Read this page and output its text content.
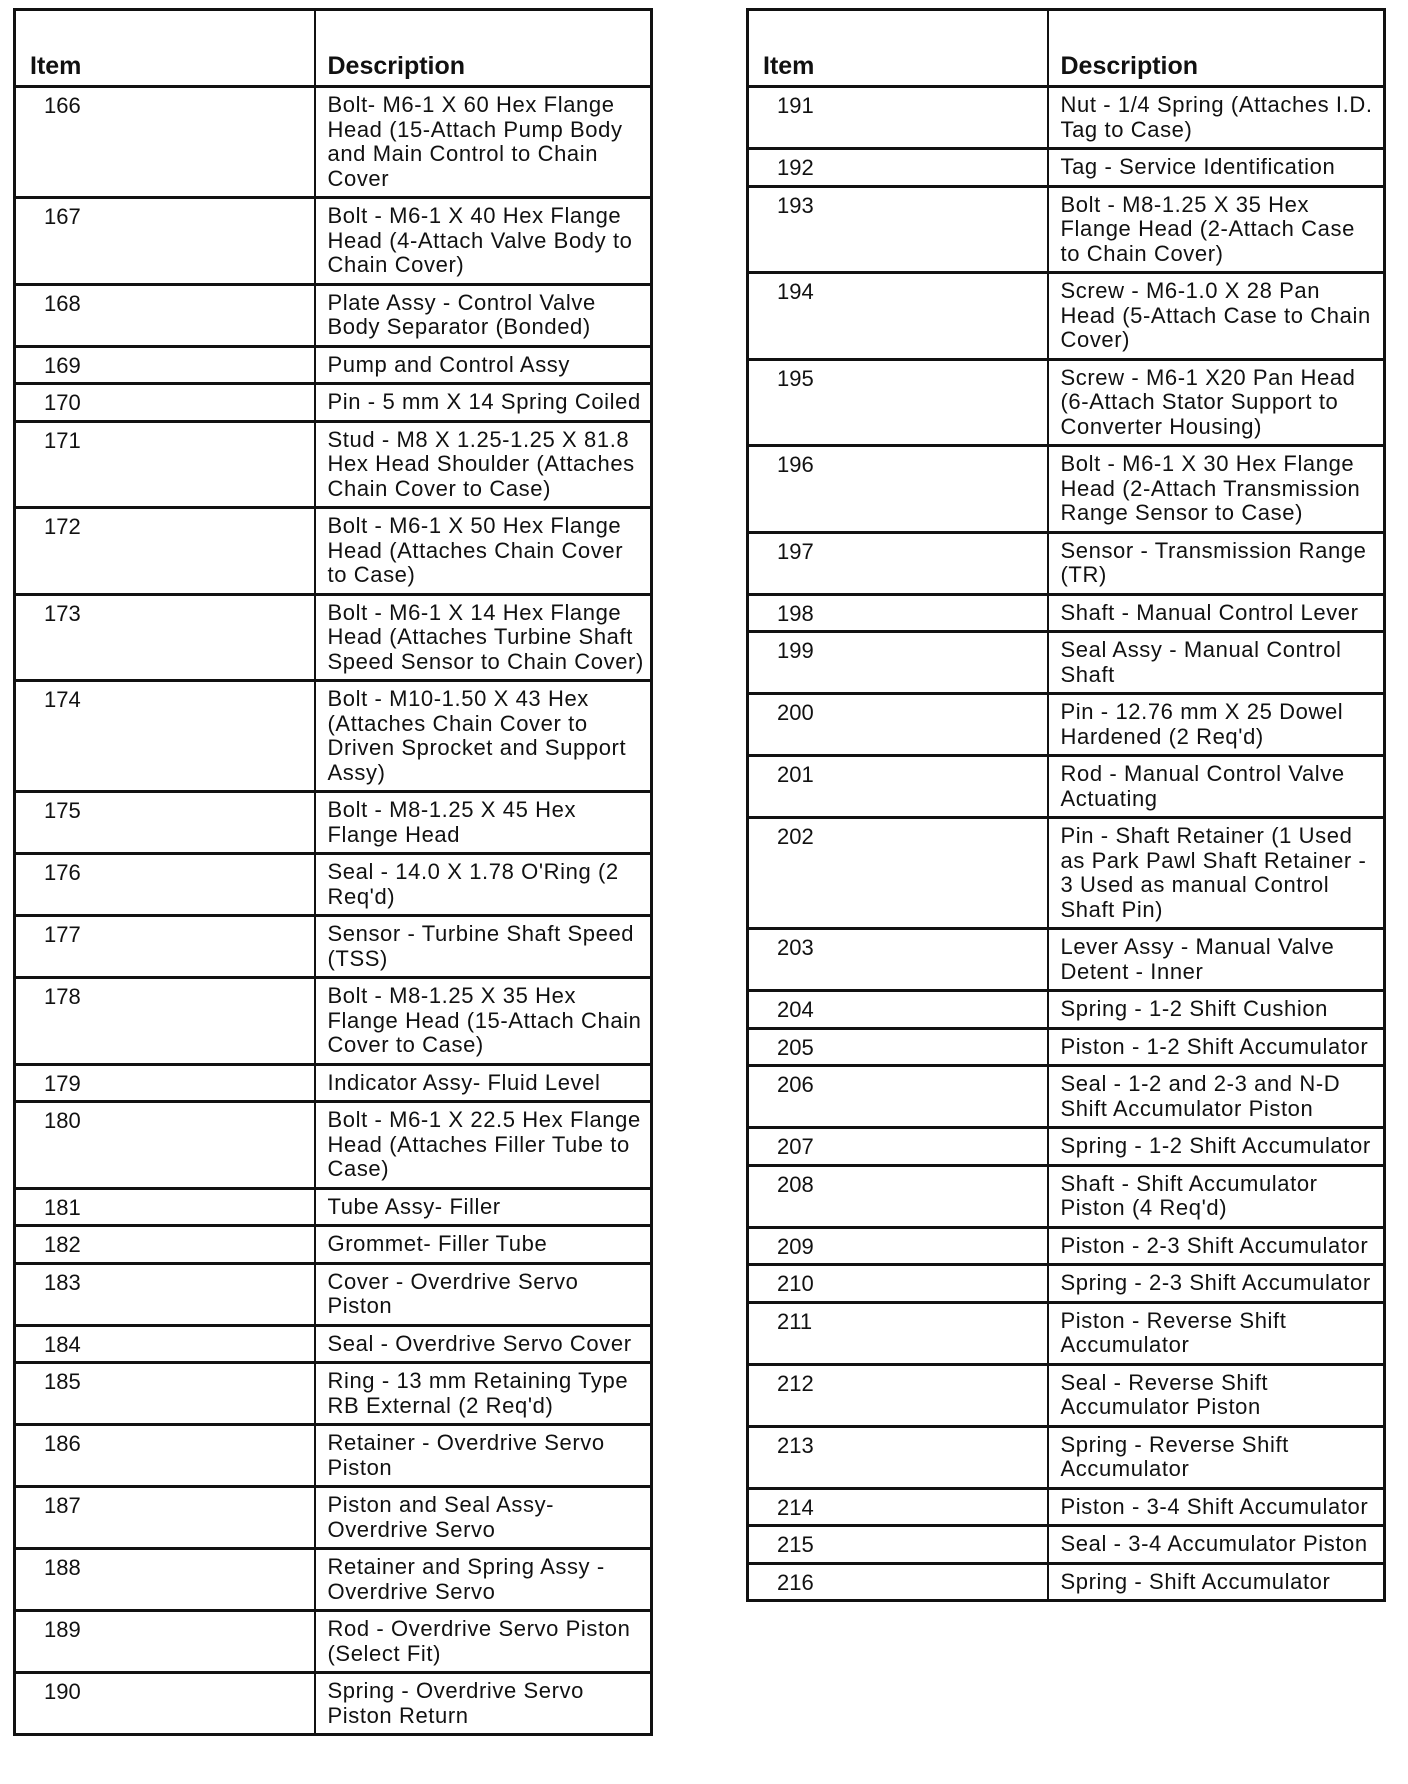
Item	Description
166	Bolt- M6-1 X 60 Hex Flange Head (15-Attach Pump Body and Main Control to Chain Cover
167	Bolt - M6-1 X 40 Hex Flange Head (4-Attach Valve Body to Chain Cover)
168	Plate Assy - Control Valve Body Separator (Bonded)
169	Pump and Control Assy
170	Pin - 5 mm X 14 Spring Coiled
171	Stud - M8 X 1.25-1.25 X 81.8 Hex Head Shoulder (Attaches Chain Cover to Case)
172	Bolt - M6-1 X 50 Hex Flange Head (Attaches Chain Cover to Case)
173	Bolt - M6-1 X 14 Hex Flange Head (Attaches Turbine Shaft Speed Sensor to Chain Cover)
174	Bolt - M10-1.50 X 43 Hex (Attaches Chain Cover to Driven Sprocket and Support Assy)
175	Bolt - M8-1.25 X 45 Hex Flange Head
176	Seal - 14.0 X 1.78 O'Ring (2 Req'd)
177	Sensor - Turbine Shaft Speed (TSS)
178	Bolt - M8-1.25 X 35 Hex Flange Head (15-Attach Chain Cover to Case)
179	Indicator Assy- Fluid Level
180	Bolt - M6-1 X 22.5 Hex Flange Head (Attaches Filler Tube to Case)
181	Tube Assy- Filler
182	Grommet- Filler Tube
183	Cover - Overdrive Servo Piston
184	Seal - Overdrive Servo Cover
185	Ring - 13 mm Retaining Type RB External (2 Req'd)
186	Retainer - Overdrive Servo Piston
187	Piston and Seal Assy- Overdrive Servo
188	Retainer and Spring Assy - Overdrive Servo
189	Rod - Overdrive Servo Piston (Select Fit)
190	Spring - Overdrive Servo Piston Return
Item	Description
191	Nut - 1/4 Spring (Attaches I.D. Tag to Case)
192	Tag - Service Identification
193	Bolt - M8-1.25 X 35 Hex Flange Head (2-Attach Case to Chain Cover)
194	Screw - M6-1.0 X 28 Pan Head (5-Attach Case to Chain Cover)
195	Screw - M6-1 X20 Pan Head (6-Attach Stator Support to Converter Housing)
196	Bolt - M6-1 X 30 Hex Flange Head (2-Attach Transmission Range Sensor to Case)
197	Sensor - Transmission Range (TR)
198	Shaft - Manual Control Lever
199	Seal Assy - Manual Control Shaft
200	Pin - 12.76 mm X 25 Dowel Hardened (2 Req'd)
201	Rod - Manual Control Valve Actuating
202	Pin - Shaft Retainer (1 Used as Park Pawl Shaft Retainer - 3 Used as manual Control Shaft Pin)
203	Lever Assy - Manual Valve Detent - Inner
204	Spring - 1-2 Shift Cushion
205	Piston - 1-2 Shift Accumulator
206	Seal - 1-2 and 2-3 and N-D Shift Accumulator Piston
207	Spring - 1-2 Shift Accumulator
208	Shaft - Shift Accumulator Piston (4 Req'd)
209	Piston - 2-3 Shift Accumulator
210	Spring - 2-3 Shift Accumulator
211	Piston - Reverse Shift Accumulator
212	Seal - Reverse Shift Accumulator Piston
213	Spring - Reverse Shift Accumulator
214	Piston - 3-4 Shift Accumulator
215	Seal - 3-4 Accumulator Piston
216	Spring - Shift Accumulator
